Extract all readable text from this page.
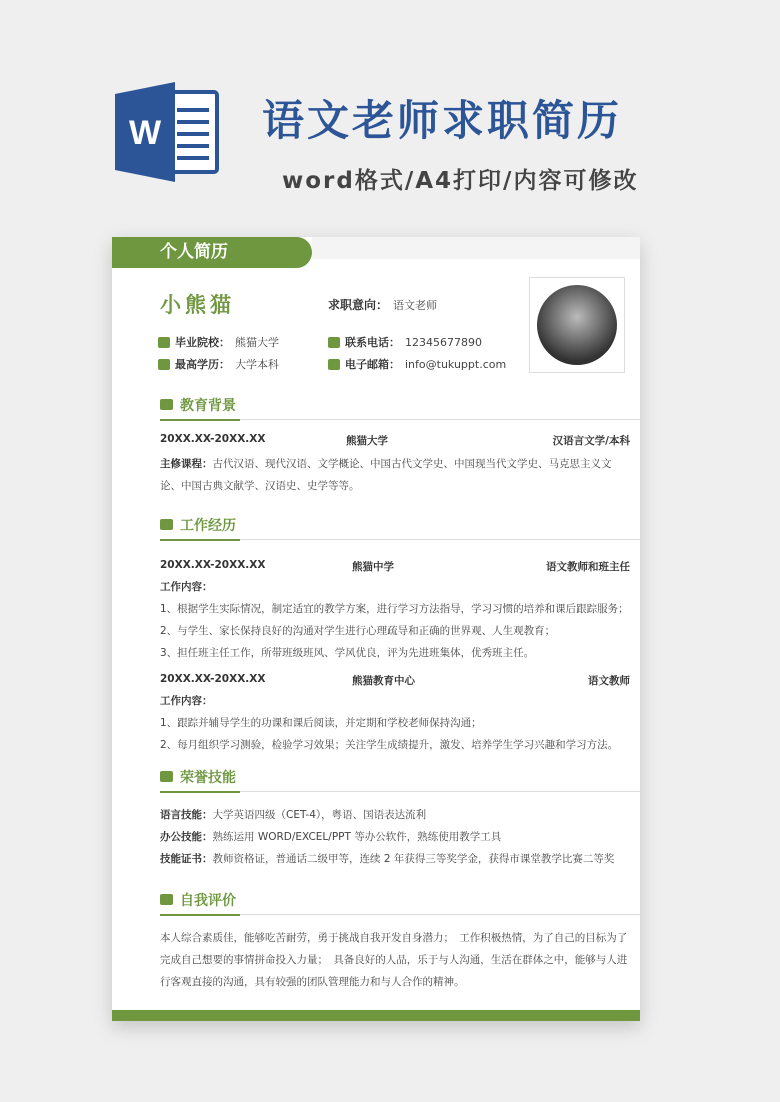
W 语文老师求职简历
word格式/A4打印/内容可修改
个人简历
小熊猫
毕业院校： 熊猫大学
最高学历： 大学本科
求职意向： 语文老师
联系电话： 12345677890
电子邮箱： info@tukuppt.com
教育背景
20XX.XX-20XX.XX	熊猫大学	汉语言文学/本科
主修课程：古代汉语、现代汉语、文学概论、中国古代文学史、中国现当代文学史、马克思主义文论、中国古典文献学、汉语史、史学等等。
工作经历
20XX.XX-20XX.XX	熊猫中学	语文教师和班主任
工作内容：
1、根据学生实际情况，制定适宜的教学方案，进行学习方法指导，学习习惯的培养和课后跟踪服务；
2、与学生、家长保持良好的沟通对学生进行心理疏导和正确的世界观、人生观教育；
3、担任班主任工作，所带班级班风、学风优良，评为先进班集体，优秀班主任。
20XX.XX-20XX.XX	熊猫教育中心	语文教师
工作内容：
1、跟踪并辅导学生的功课和课后阅读，并定期和学校老师保持沟通；
2、每月组织学习测验，检验学习效果；关注学生成绩提升，激发、培养学生学习兴趣和学习方法。
荣誉技能
语言技能：大学英语四级（CET-4），粤语、国语表达流利
办公技能：熟练运用 WORD/EXCEL/PPT 等办公软件，熟练使用教学工具
技能证书：教师资格证，普通话二级甲等，连续 2 年获得三等奖学金，获得市课堂教学比赛二等奖
自我评价
本人综合素质佳，能够吃苦耐劳，勇于挑战自我开发自身潜力；　工作积极热情，为了自己的目标为了完成自己想要的事情拼命投入力量；　具备良好的人品，乐于与人沟通，生活在群体之中，能够与人进行客观直接的沟通，具有较强的团队管理能力和与人合作的精神。
